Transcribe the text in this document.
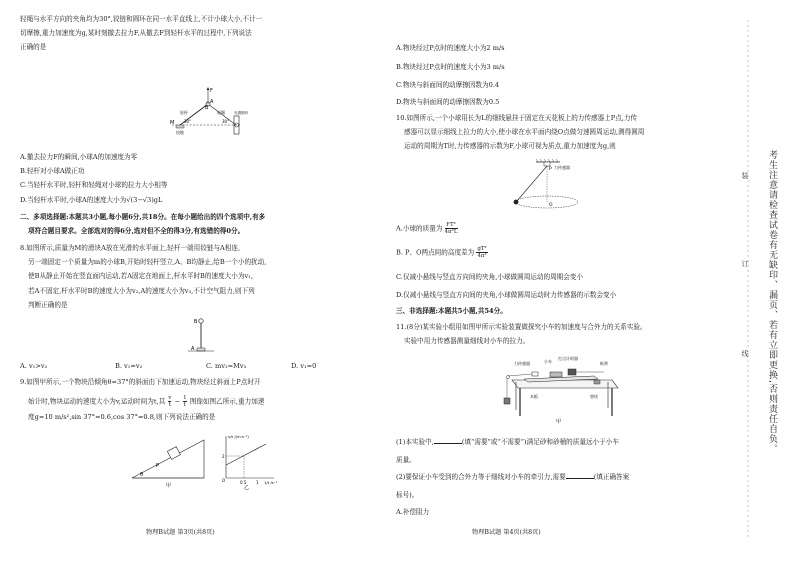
轻绳与水平方向的夹角均为30°,铰链和圆环在同一水平直线上,不计小球大小,不计一
切摩擦,重力加速度为g,某时刻撤去拉力F,从撤去F到轻杆水平的过程中,下列说法
正确的是
F
A
B
M 30°	30°
轻杆	轻绳	光滑圆环
铰链
A.撤去拉力F的瞬间,小球A的加速度为零
B.轻杆对小球A做正功
C.当轻杆水平时,轻杆和轻绳对小球的拉力大小相等
D.当轻杆水平时,小球A的速度大小为√(3−√3)gL
二、多项选择题:本题共3小题,每小题6分,共18分。在每小题给出的四个选项中,有多
项符合题目要求。全部选对的得6分,选对但不全的得3分,有选错的得0分。
8.如图所示,质量为M的滑块A放在光滑的水平面上,轻杆一端用铰链与A相连,
另一端固定一个质量为m的小球B,开始时轻杆竖立,A、B均静止,给B一个小的扰动,
使B从静止开始在竖直面内运动,若A固定在地面上,杆水平时B的速度大小为v₁,
若A不固定,杆水平时B的速度大小为v₂,A的速度大小为v₃,不计空气阻力,则下列
判断正确的是
B
A
A. v₁>v₂	B. v₁=v₂	C. mv₂=Mv₃	D. v₁=0
9.如图甲所示,一个物块沿倾角θ=37°的斜面由下加速运动,物块经过斜面上P点时开
始计时,物块运动的速度大小为v,运动时间为t,其 $\frac{v}{t} - \frac{1}{t}$ 图像如图乙所示,重力加速
度g=10 m/s²,sin 37°=0.6,cos 37°=0.8,则下列说法正确的是
P
θ
甲
v/t /(m·s⁻²)
1/t /s⁻¹
2
0.5 1
O
乙
物理B试题 第3页(共8页)
A.物块经过P点时的速度大小为2 m/s
B.物块经过P点时的速度大小为3 m/s
C.物块与斜面间的动摩擦因数为0.4
D.物块与斜面间的动摩擦因数为0.5
10.如图所示,一个小球用长为L的细线悬挂于固定在天花板上的力传感器上P点,力传
感器可以显示细线上拉力的大小,使小球在水平面内绕O点做匀速圆周运动,测得圆周
运动的周期为T时,力传感器的示数为F,小球可视为质点,重力加速度为g,则
P 力传感器
O
A.小球的质量为 $\frac{\text{FT²}}{\text{4π²L}}$
B. P、O两点间的高度差为 $\frac{\text{gT²}}{\text{4π²}}$
C.仅减小悬线与竖直方向间的夹角,小球做圆周运动的周期会变小
D.仅减小悬线与竖直方向间的夹角,小球做圆周运动时力传感器的示数会变小
三、非选择题:本题共5小题,共54分。
11.(8分)某实验小组用如图甲所示实验装置做探究小车的加速度与合外力的关系实验。
实验中用力传感器测量细线对小车的拉力。
小车
打点计时器
力传感器	纸带
木板	垫块
甲
(1)本实验中,	(填“需要”或“不需要”)满足砂和砂桶的质量远小于小车
质量。
(2)要保证小车受到的合外力等于细线对小车的牵引力,需要	(填正确答案
标号)。
A.补偿阻力
物理B试题 第4页(共8页)
装
订
线 考生注意请检查试卷有无缺印、漏页、若有立即更换,否则责任自负。
